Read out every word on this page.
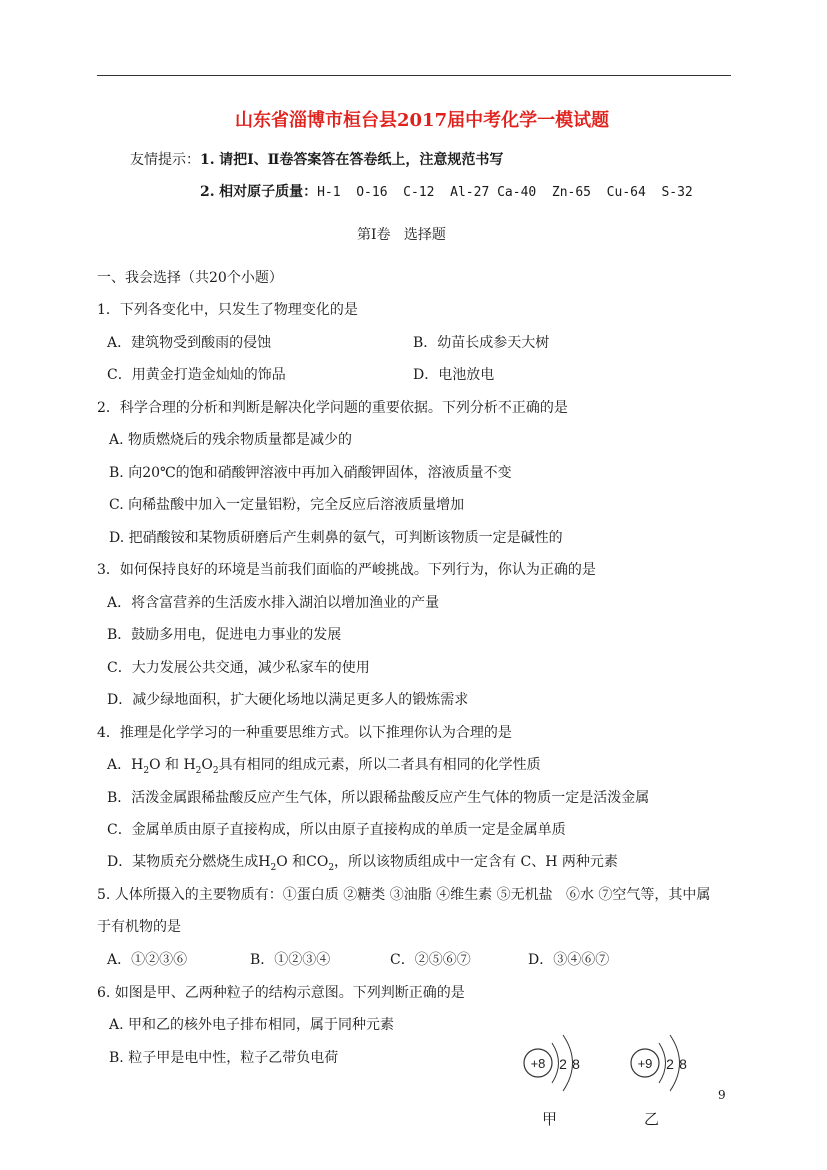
山东省淄博市桓台县2017届中考化学一模试题
友情提示：1. 请把Ⅰ、Ⅱ卷答案答在答卷纸上，注意规范书写
2. 相对原子质量：H-1  O-16  C-12  Al-27 Ca-40  Zn-65  Cu-64  S-32
第Ⅰ卷   选择题
一、我会选择（共20个小题）
1．下列各变化中，只发生了物理变化的是
A．建筑物受到酸雨的侵蚀	B．幼苗长成参天大树
C．用黄金打造金灿灿的饰品	D．电池放电
2．科学合理的分析和判断是解决化学问题的重要依据。下列分析不正确的是
A. 物质燃烧后的残余物质量都是减少的
B. 向20℃的饱和硝酸钾溶液中再加入硝酸钾固体，溶液质量不变
C. 向稀盐酸中加入一定量铝粉，完全反应后溶液质量增加
D. 把硝酸铵和某物质研磨后产生刺鼻的氨气，可判断该物质一定是碱性的
3．如何保持良好的环境是当前我们面临的严峻挑战。下列行为，你认为正确的是
A．将含富营养的生活废水排入湖泊以增加渔业的产量
B．鼓励多用电，促进电力事业的发展
C．大力发展公共交通，减少私家车的使用
D．减少绿地面积，扩大硬化场地以满足更多人的锻炼需求
4．推理是化学学习的一种重要思维方式。以下推理你认为合理的是
A．$H_2O$ 和 $H_2O_2$具有相同的组成元素，所以二者具有相同的化学性质
B．活泼金属跟稀盐酸反应产生气体，所以跟稀盐酸反应产生气体的物质一定是活泼金属
C．金属单质由原子直接构成，所以由原子直接构成的单质一定是金属单质
D．某物质充分燃烧生成$H_2O$ 和$CO_2$，所以该物质组成中一定含有 C、H 两种元素
5. 人体所摄入的主要物质有：①蛋白质 ②糖类 ③油脂 ④维生素 ⑤无机盐   ⑥水 ⑦空气等，其中属
于有机物的是
A．①②③⑥	B．①②③④	C．②⑤⑥⑦	D．③④⑥⑦
6. 如图是甲、乙两种粒子的结构示意图。下列判断正确的是
A. 甲和乙的核外电子排布相同，属于同种元素
B. 粒子甲是电中性，粒子乙带负电荷	+8 2 8	+9 2 8
甲	乙
9
